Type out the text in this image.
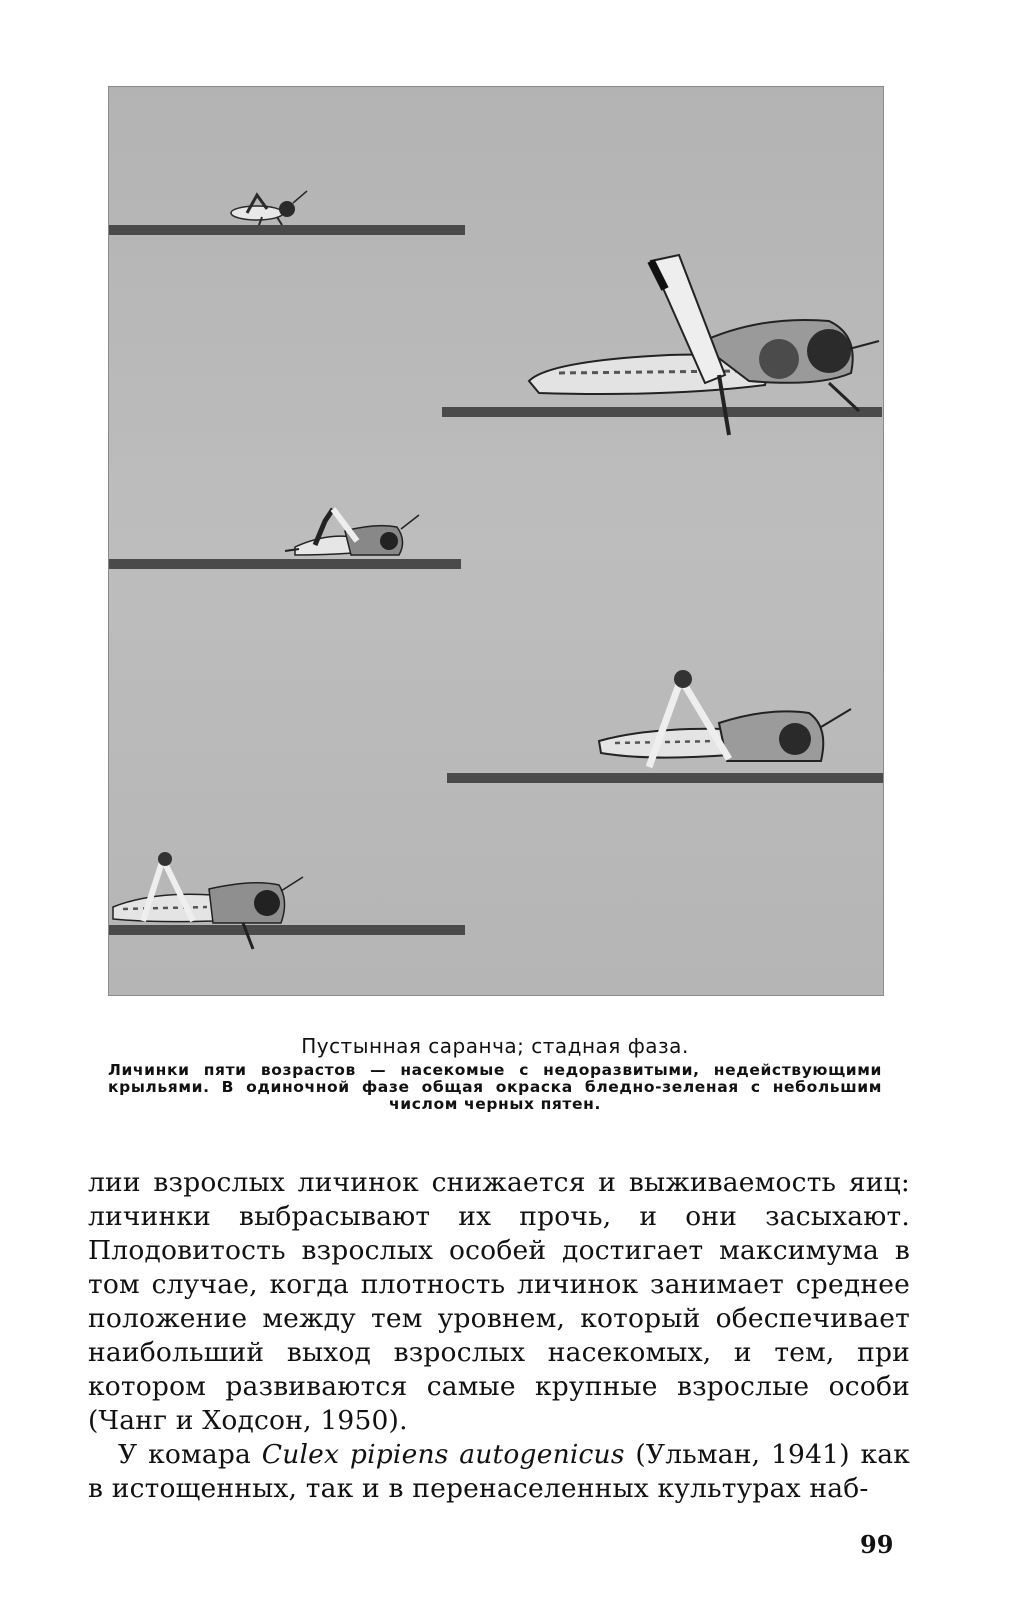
Пустынная саранча; стадная фаза.
Личинки пяти возрастов — насекомые с недоразвитыми, недействующими крыльями. В одиночной фазе общая окраска бледно-зеленая с небольшим числом черных пятен.

лии взрослых личинок снижается и выживаемость яиц: личинки выбрасывают их прочь, и они засыхают. Плодовитость взрослых особей достигает максимума в том случае, когда плотность личинок занимает среднее положение между тем уровнем, который обеспечивает наибольший выход взрослых насекомых, и тем, при котором развиваются самые крупные взрослые особи (Чанг и Ходсон, 1950).

У комара Culex pipiens autogenicus (Ульман, 1941) как в истощенных, так и в перенаселенных культурах наб-

99
